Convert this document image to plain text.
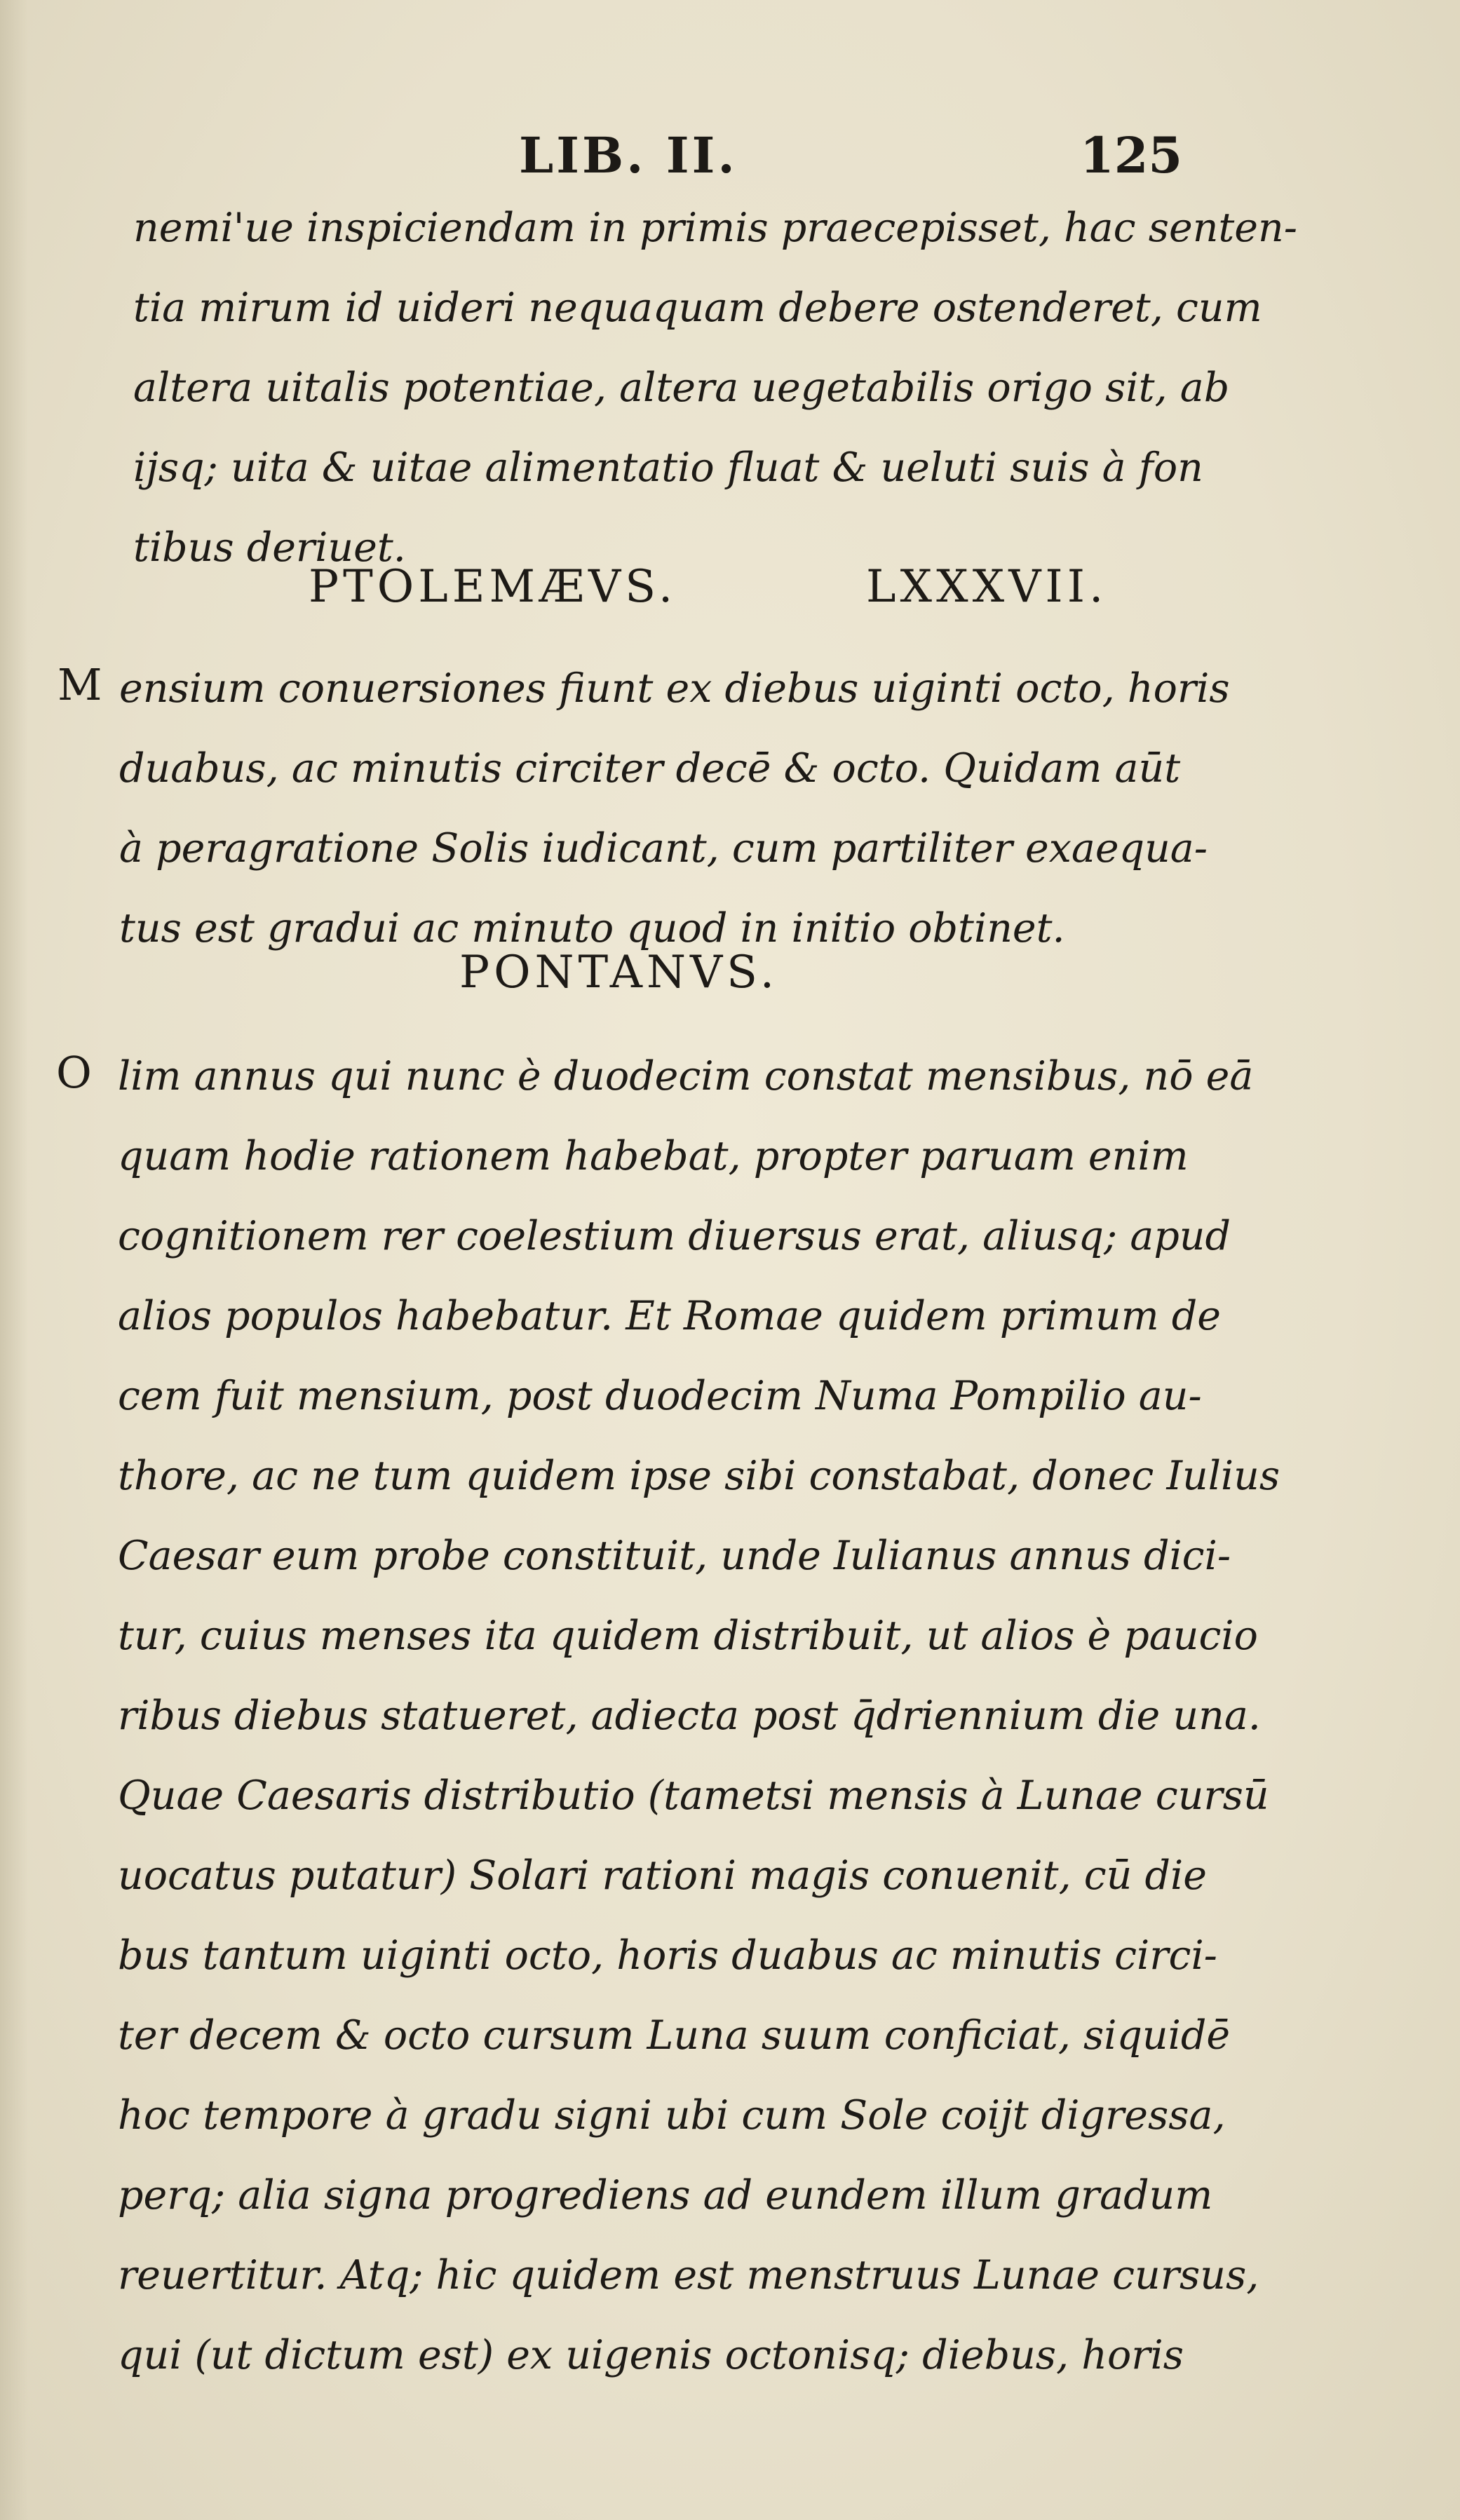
LIB. II.	125
nemi'ue inspiciendam in primis praecepisset, hac senten-
tia mirum id uideri nequaquam debere ostenderet, cum
altera uitalis potentiae, altera uegetabilis origo sit, ab
ijsq; uita & uitae alimentatio fluat & ueluti suis à fon
tibus deriuet.
PTOLEMÆVS.	LXXXVII.
M ensium conuersiones fiunt ex diebus uiginti octo, horis
duabus, ac minutis circiter decē & octo. Quidam aūt
à peragratione Solis iudicant, cum partiliter exaequa-
tus est gradui ac minuto quod in initio obtinet.
PONTANVS.
O lim annus qui nunc è duodecim constat mensibus, nō eā
quam hodie rationem habebat, propter paruam enim
cognitionem rer coelestium diuersus erat, aliusq; apud
alios populos habebatur. Et Romae quidem primum de
cem fuit mensium, post duodecim Numa Pompilio au-
thore, ac ne tum quidem ipse sibi constabat, donec Iulius
Caesar eum probe constituit, unde Iulianus annus dici-
tur, cuius menses ita quidem distribuit, ut alios è paucio
ribus diebus statueret, adiecta post q̄driennium die una.
Quae Caesaris distributio (tametsi mensis à Lunae cursū
uocatus putatur) Solari rationi magis conuenit, cū die
bus tantum uiginti octo, horis duabus ac minutis circi-
ter decem & octo cursum Luna suum conficiat, siquidē
hoc tempore à gradu signi ubi cum Sole coijt digressa,
perq; alia signa progrediens ad eundem illum gradum
reuertitur. Atq; hic quidem est menstruus Lunae cursus,
qui (ut dictum est) ex uigenis octonisq; diebus, horis
